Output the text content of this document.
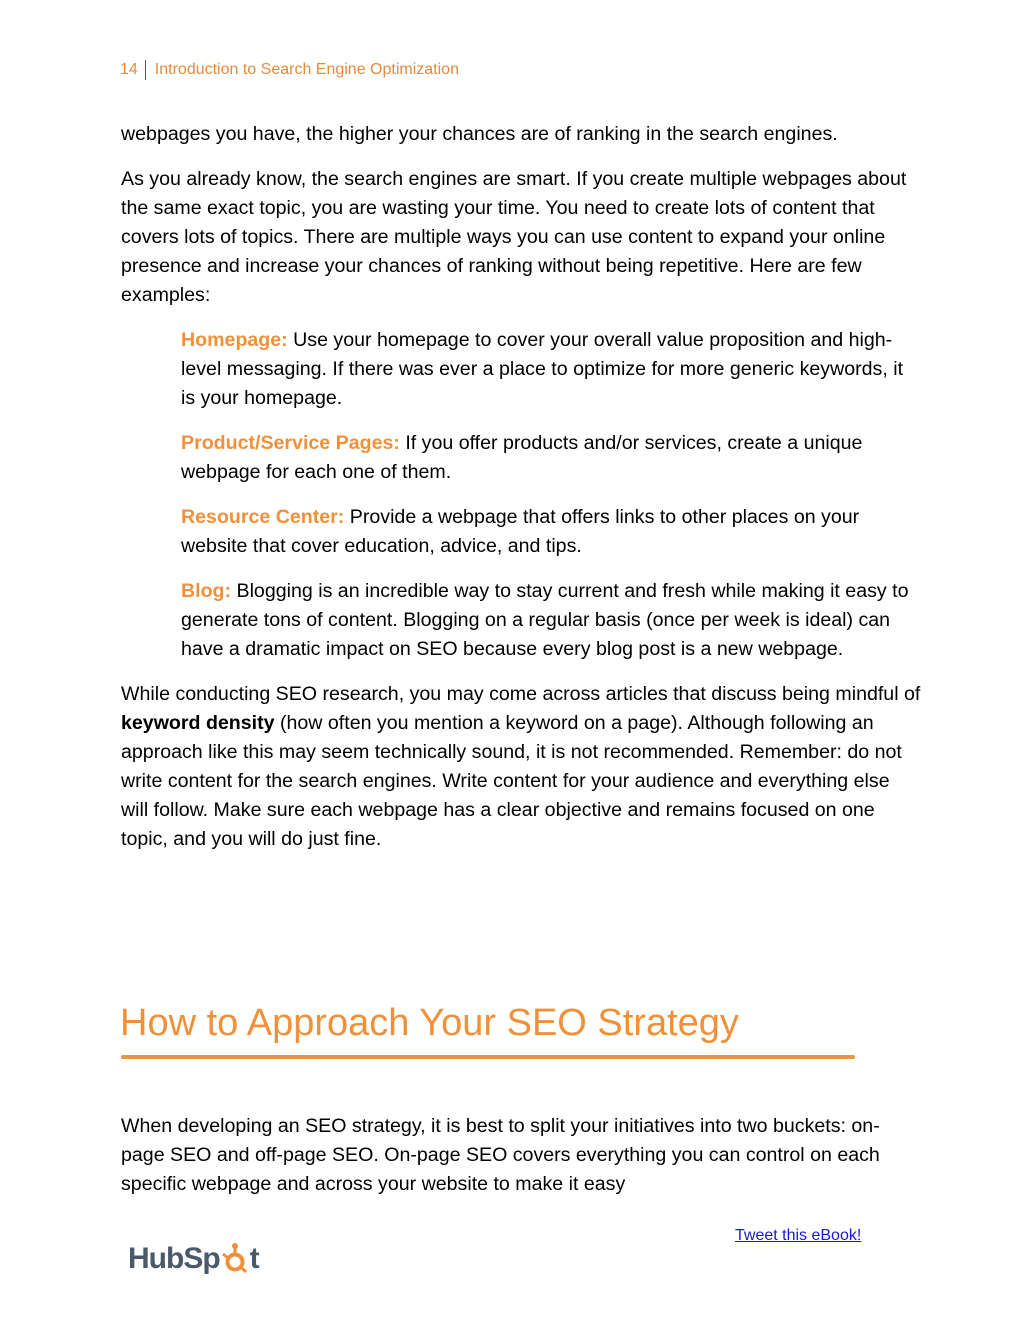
14	Introduction to Search Engine Optimization

webpages you have, the higher your chances are of ranking in the search engines.

As you already know, the search engines are smart. If you create multiple webpages about the same exact topic, you are wasting your time. You need to create lots of content that covers lots of topics. There are multiple ways you can use content to expand your online presence and increase your chances of ranking without being repetitive. Here are few examples:

Homepage: Use your homepage to cover your overall value proposition and high-level messaging. If there was ever a place to optimize for more generic keywords, it is your homepage.

Product/Service Pages: If you offer products and/or services, create a unique webpage for each one of them.

Resource Center: Provide a webpage that offers links to other places on your website that cover education, advice, and tips.

Blog: Blogging is an incredible way to stay current and fresh while making it easy to generate tons of content. Blogging on a regular basis (once per week is ideal) can have a dramatic impact on SEO because every blog post is a new webpage.

While conducting SEO research, you may come across articles that discuss being mindful of keyword density (how often you mention a keyword on a page). Although following an approach like this may seem technically sound, it is not recommended. Remember: do not write content for the search engines. Write content for your audience and everything else will follow. Make sure each webpage has a clear objective and remains focused on one topic, and you will do just fine.

How to Approach Your SEO Strategy

When developing an SEO strategy, it is best to split your initiatives into two buckets: on-page SEO and off-page SEO. On-page SEO covers everything you can control on each specific webpage and across your website to make it easy

Tweet this eBook!
HubSp t
